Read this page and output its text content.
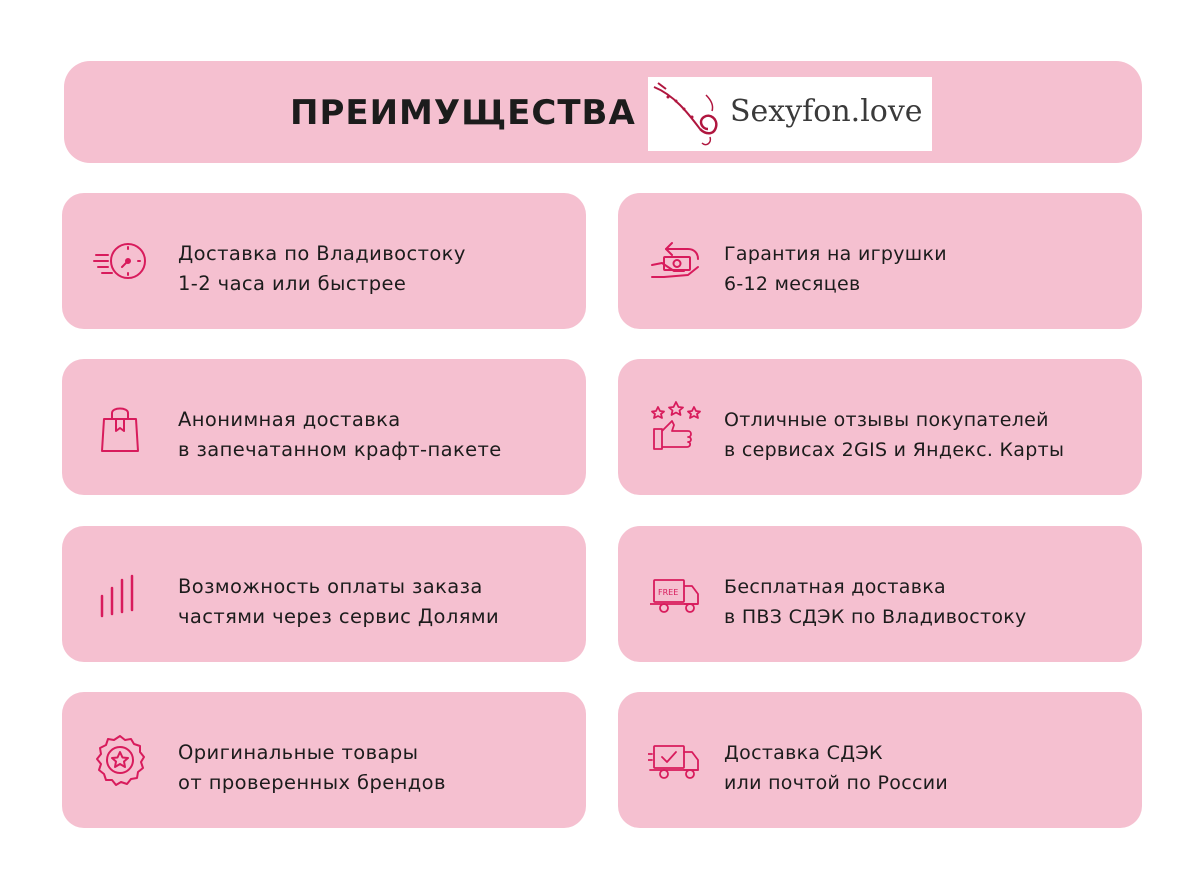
ПРЕИМУЩЕСТВА	Sexyfon.love
Доставка по Владивостоку
1-2 часа или быстрее
Гарантия на игрушки
6-12 месяцев
Анонимная доставка
в запечатанном крафт-пакете
Отличные отзывы покупателей
в сервисах 2GIS и Яндекс. Карты
Возможность оплаты заказа
частями через сервис Долями
FREE Бесплатная доставка
в ПВЗ СДЭК по Владивостоку
Оригинальные товары
от проверенных брендов
Доставка СДЭК
или почтой по России
